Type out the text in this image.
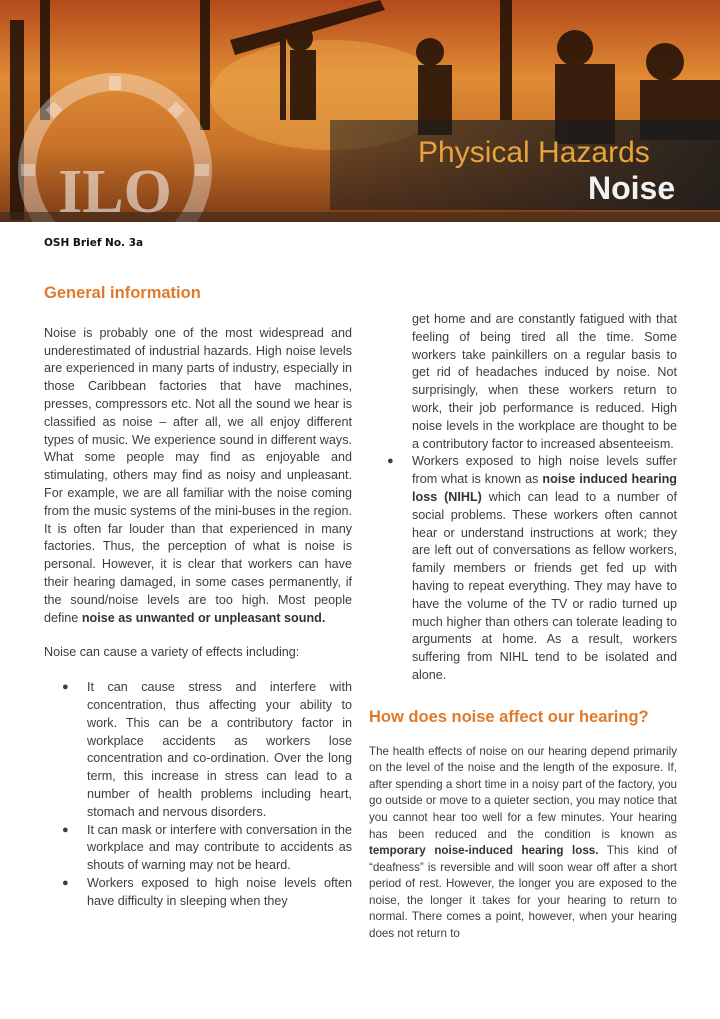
ILO
Physical Hazards
Noise
OSH Brief No. 3a
General information

Noise is probably one of the most widespread and underestimated of industrial hazards. High noise levels are experienced in many parts of industry, especially in those Caribbean factories that have machines, presses, compressors etc. Not all the sound we hear is classified as noise – after all, we all enjoy different types of music. We experience sound in different ways. What some people may find as enjoyable and stimulating, others may find as noisy and unpleasant. For example, we are all familiar with the noise coming from the music systems of the mini-buses in the region. It is often far louder than that experienced in many factories. Thus, the perception of what is noise is personal. However, it is clear that workers can have their hearing damaged, in some cases permanently, if the sound/noise levels are too high. Most people define noise as unwanted or unpleasant sound.

Noise can cause a variety of effects including:

● It can cause stress and interfere with concentration, thus affecting your ability to work. This can be a contributory factor in workplace accidents as workers lose concentration and co-ordination. Over the long term, this increase in stress can lead to a number of health problems including heart, stomach and nervous disorders.
● It can mask or interfere with conversation in the workplace and may contribute to accidents as shouts of warning may not be heard.
● Workers exposed to high noise levels often have difficulty in sleeping when they
get home and are constantly fatigued with that feeling of being tired all the time. Some workers take painkillers on a regular basis to get rid of headaches induced by noise. Not surprisingly, when these workers return to work, their job performance is reduced. High noise levels in the workplace are thought to be a contributory factor to increased absenteeism.
● Workers exposed to high noise levels suffer from what is known as noise induced hearing loss (NIHL) which can lead to a number of social problems. These workers often cannot hear or understand instructions at work; they are left out of conversations as fellow workers, family members or friends get fed up with having to repeat everything. They may have to have the volume of the TV or radio turned up much higher than others can tolerate leading to arguments at home. As a result, workers suffering from NIHL tend to be isolated and alone.
How does noise affect our hearing?

The health effects of noise on our hearing depend primarily on the level of the noise and the length of the exposure. If, after spending a short time in a noisy part of the factory, you go outside or move to a quieter section, you may notice that you cannot hear too well for a few minutes. Your hearing has been reduced and the condition is known as temporary noise-induced hearing loss. This kind of “deafness” is reversible and will soon wear off after a short period of rest. However, the longer you are exposed to the noise, the longer it takes for your hearing to return to normal. There comes a point, however, when your hearing does not return to
